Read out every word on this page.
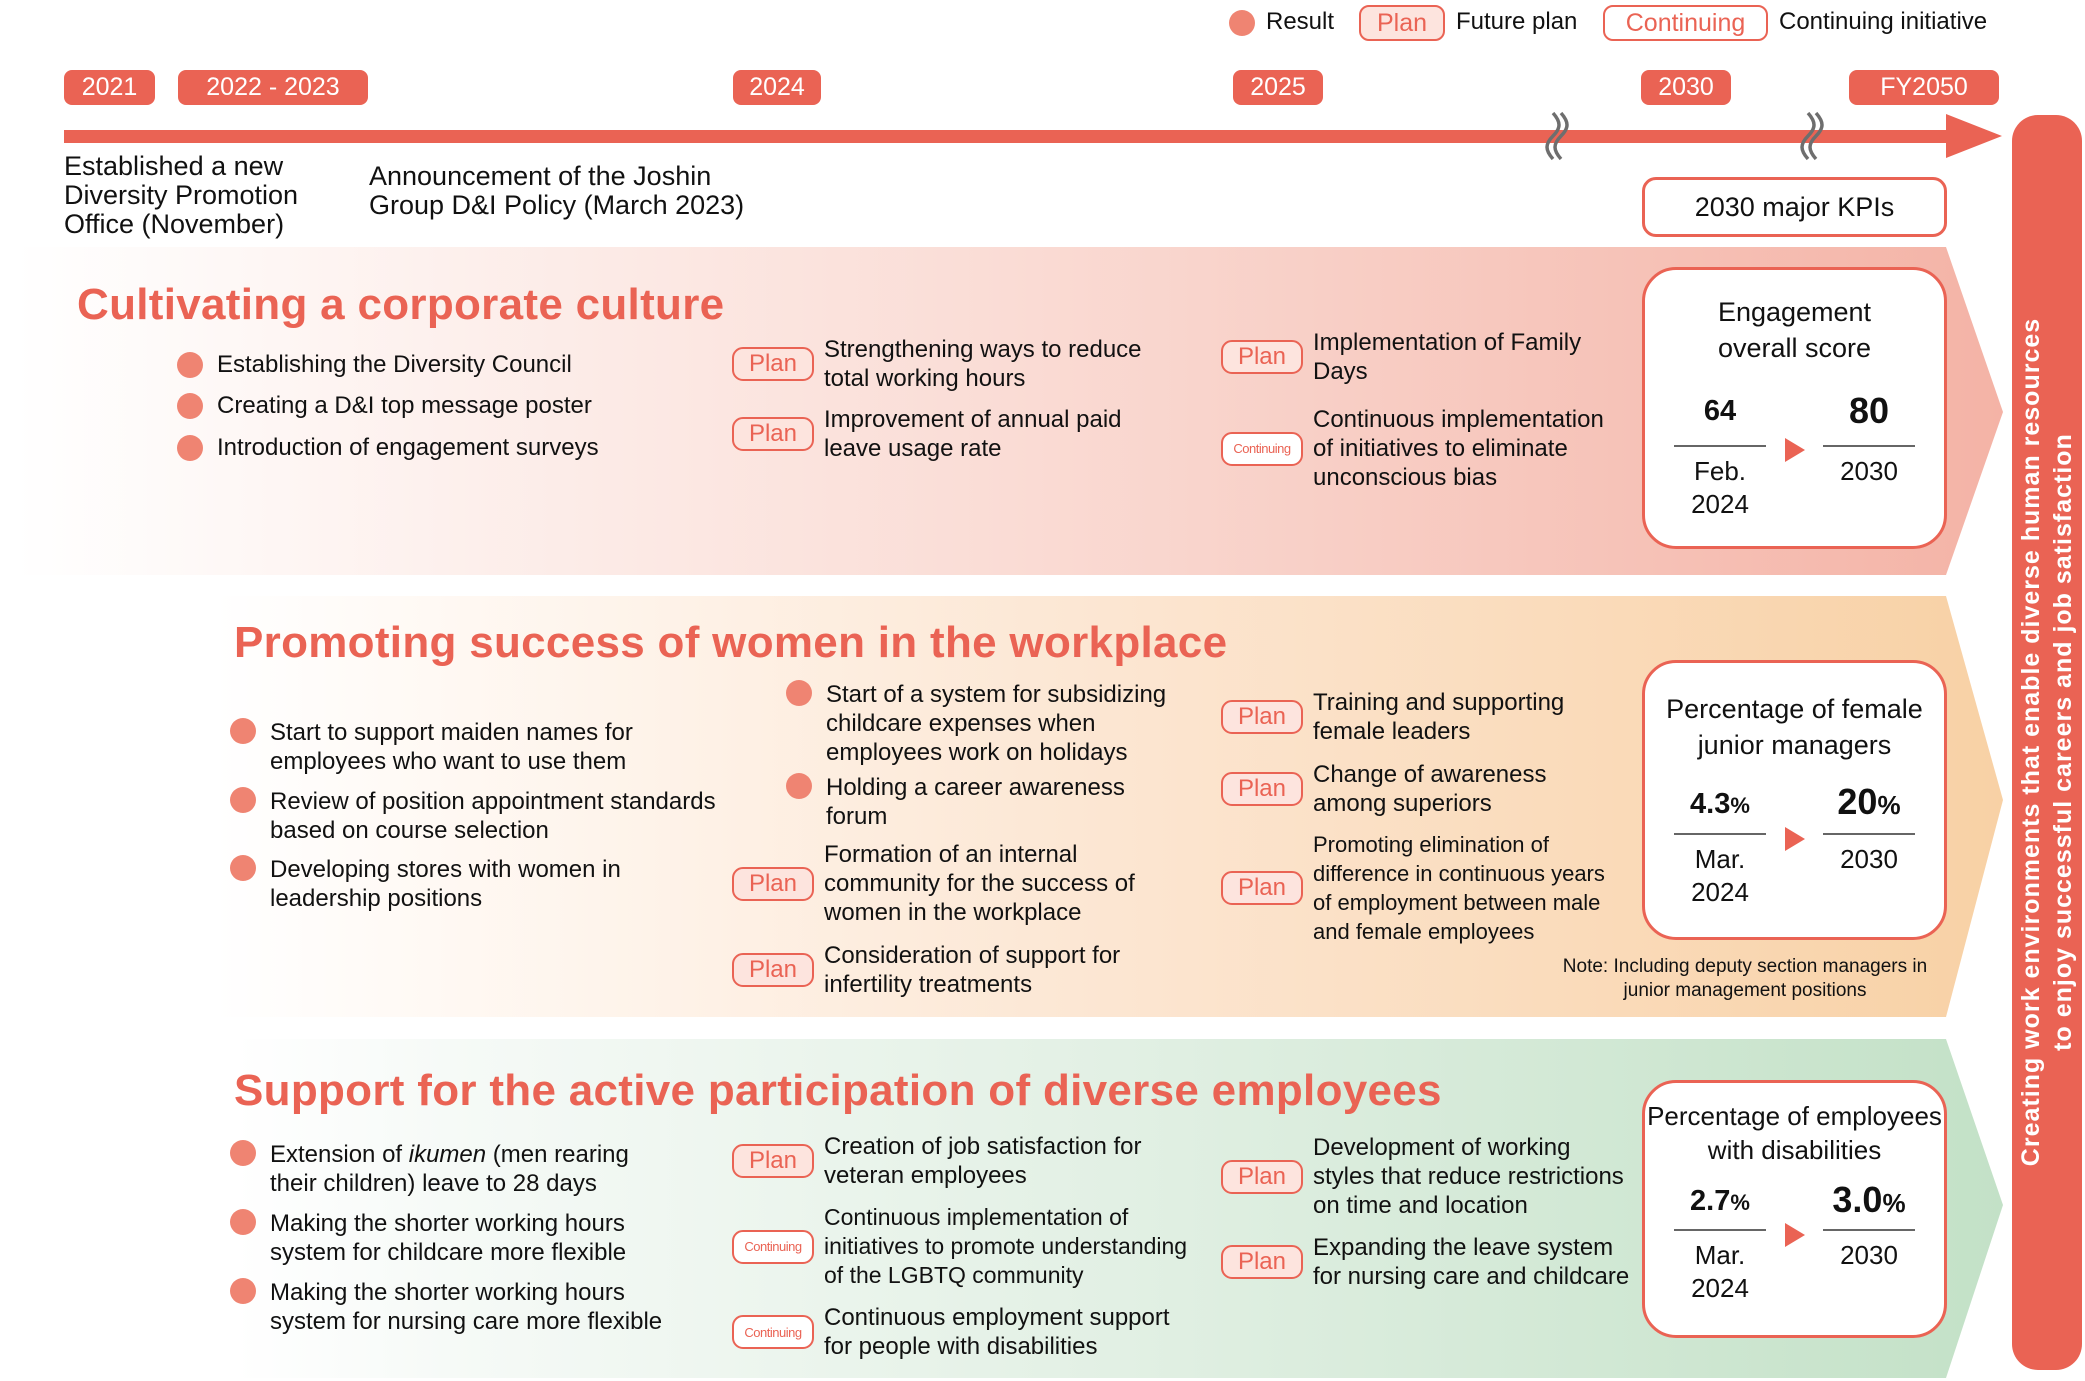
Result	Plan	Future plan	Continuing	Continuing initiative
2021	2022 - 2023	2024	2025	2030	FY2050
Established a new
Diversity Promotion
Office (November)
Announcement of the Joshin
Group D&I Policy (March 2023)	2030 major KPIs
Cultivating a corporate culture
Establishing the Diversity Council
Creating a D&I top message poster
Introduction of engagement surveys
Plan
Strengthening ways to reduce
total working hours
Plan
Improvement of annual paid
leave usage rate
Plan
Implementation of Family
Days
Continuing
Continuous implementation
of initiatives to eliminate
unconscious bias
Engagement
overall score
64
Feb.
2024
80
2030
Promoting success of women in the workplace
Start to support maiden names for
employees who want to use them
Review of position appointment standards
based on course selection
Developing stores with women in
leadership positions
Start of a system for subsidizing
childcare expenses when
employees work on holidays
Holding a career awareness
forum
Plan
Formation of an internal
community for the success of
women in the workplace
Plan
Consideration of support for
infertility treatments
Plan
Training and supporting
female leaders
Plan
Change of awareness
among superiors
Plan
Promoting elimination of
difference in continuous years
of employment between male
and female employees
Percentage of female
junior managers
4.3%
Mar.
2024
20%
2030
Note: Including deputy section managers in
junior management positions
Support for the active participation of diverse employees
Extension of ikumen (men rearing
their children) leave to 28 days
Making the shorter working hours
system for childcare more flexible
Making the shorter working hours
system for nursing care more flexible
Plan
Creation of job satisfaction for
veteran employees
Continuing
Continuous implementation of
initiatives to promote understanding
of the LGBTQ community
Continuing
Continuous employment support
for people with disabilities
Plan
Development of working
styles that reduce restrictions
on time and location
Plan
Expanding the leave system
for nursing care and childcare
Percentage of employees
with disabilities
2.7%
Mar.
2024
3.0%
2030
Creating work environments that enable diverse human resources to enjoy successful careers and job satisfaction
